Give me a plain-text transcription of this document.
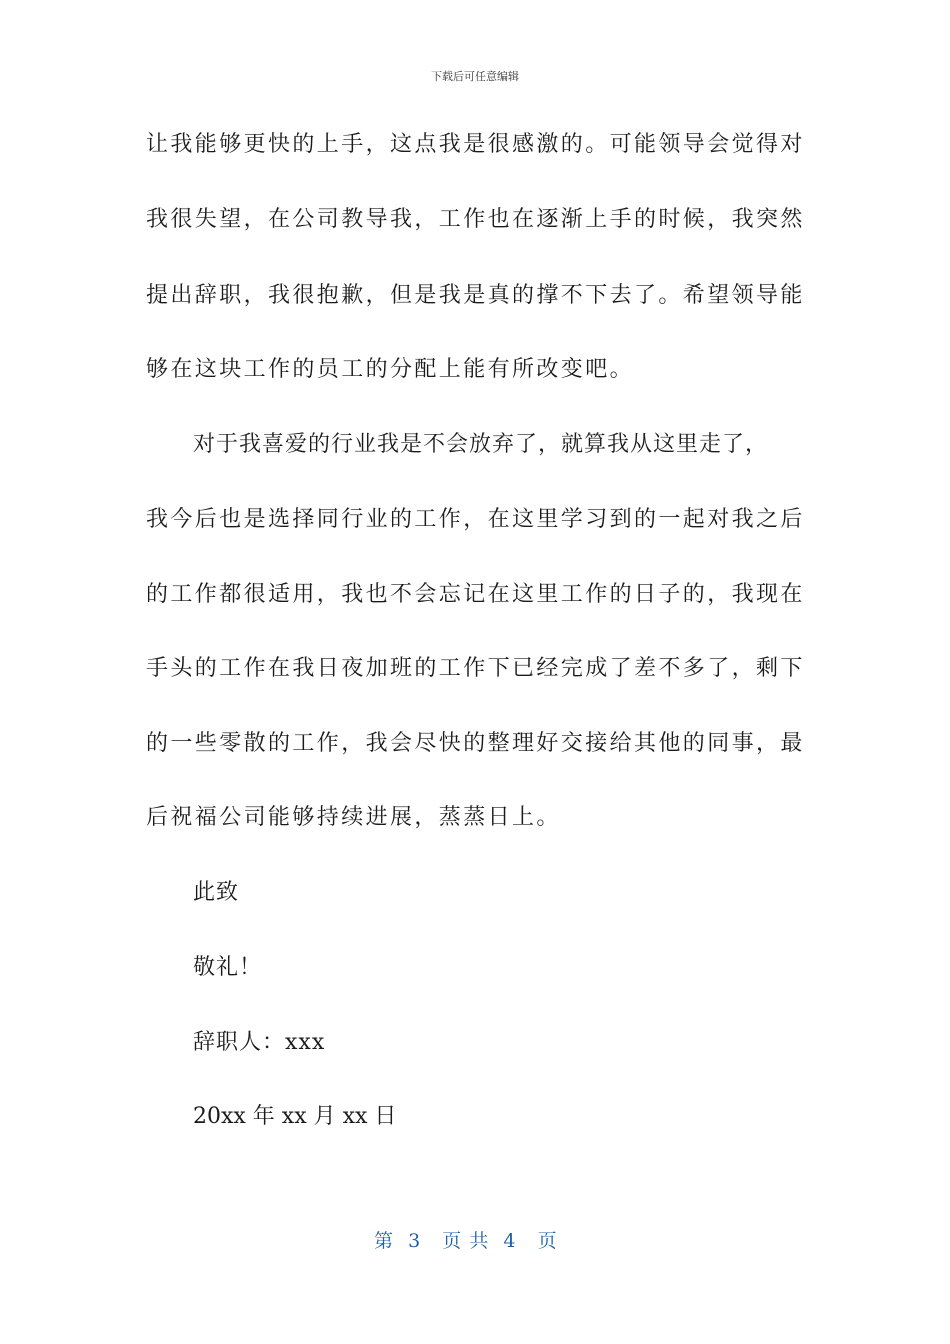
下载后可任意编辑
让我能够更快的上手，这点我是很感激的。可能领导会觉得对
我很失望，在公司教导我，工作也在逐渐上手的时候，我突然
提出辞职，我很抱歉，但是我是真的撑不下去了。希望领导能
够在这块工作的员工的分配上能有所改变吧。
对于我喜爱的行业我是不会放弃了，就算我从这里走了，
我今后也是选择同行业的工作，在这里学习到的一起对我之后
的工作都很适用，我也不会忘记在这里工作的日子的，我现在
手头的工作在我日夜加班的工作下已经完成了差不多了，剩下
的一些零散的工作，我会尽快的整理好交接给其他的同事，最
后祝福公司能够持续进展，蒸蒸日上。
此致
敬礼！
辞职人：xxx
20xx 年 xx 月 xx 日
第  3   页 共  4   页
